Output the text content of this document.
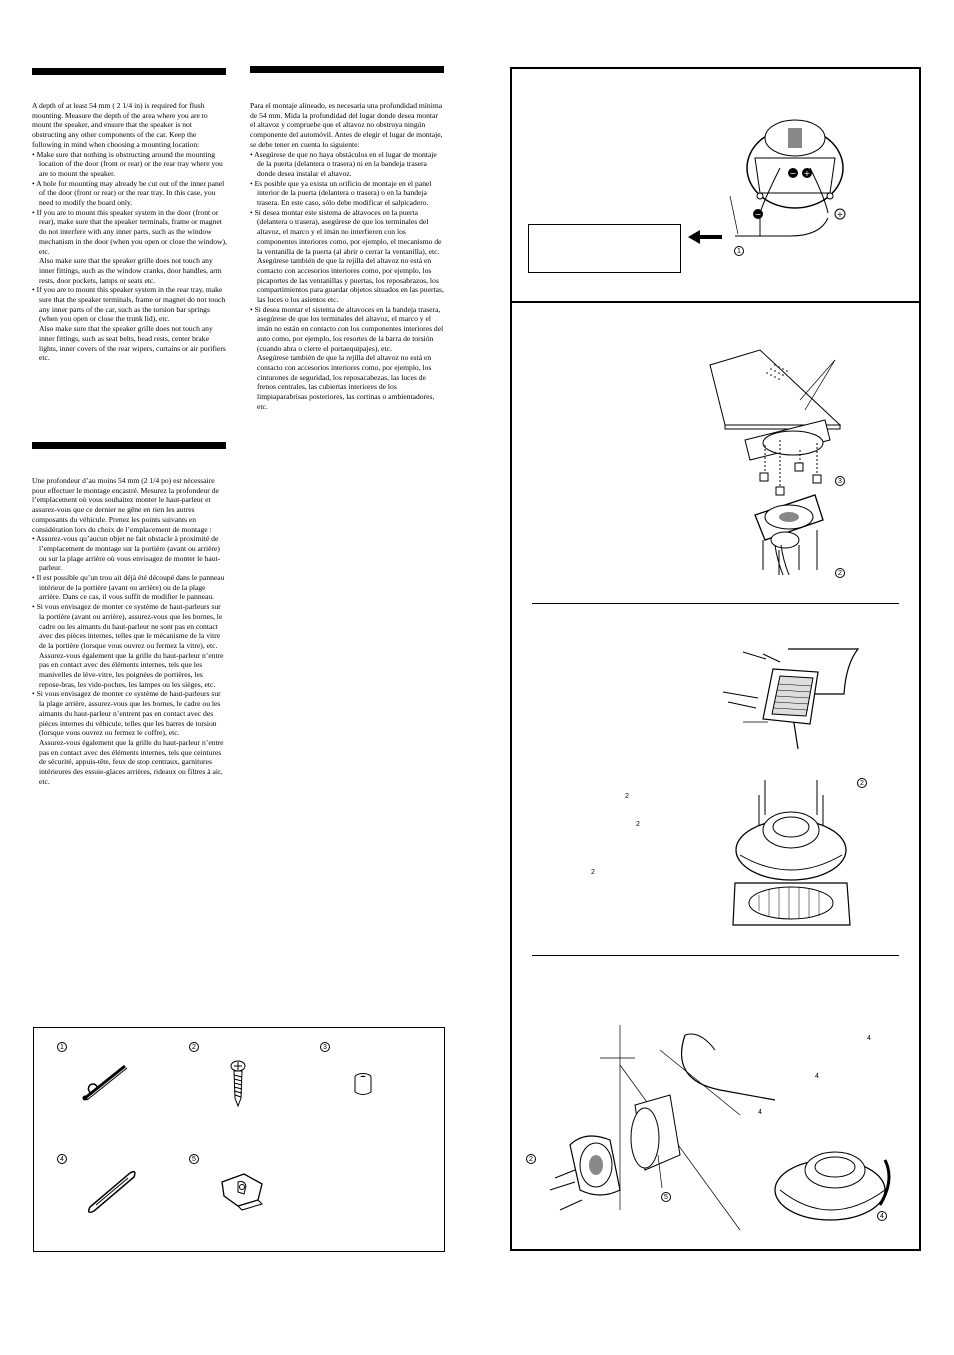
A depth of at least 54 mm ( 2 1/4 in) is required for flush mounting. Measure the depth of the area where you are to mount the speaker, and ensure that the speaker is not obstructing any other components of the car. Keep the following in mind when choosing a mounting location:

• Make sure that nothing is obstructing around the mounting location of the door (front or rear) or the rear tray where you are to mount the speaker.

• A hole for mounting may already be cut out of the inner panel of the door (front or rear) or the rear tray. In this case, you need to modify the board only.

• If you are to mount this speaker system in the door (front or rear), make sure that the speaker terminals, frame or magnet do not interfere with any inner parts, such as the window mechanism in the door (when you open or close the window), etc.

Also make sure that the speaker grille does not touch any inner fittings, such as the window cranks, door handles, arm rests, door pockets, lamps or seats etc.

• If you are to mount this speaker system in the rear tray, make sure that the speaker terminals, frame or magnet do not touch any inner parts of the car, such as the torsion bar springs (when you open or close the trunk lid), etc.

Also make sure that the speaker grille does not touch any inner fittings, such as seat belts, head rests, center brake lights, inner covers of the rear wipers, curtains or air purifiers etc.

Une profondeur d’au moins 54 mm (2 1/4 po) est nécessaire pour effectuer le montage encastré. Mesurez la profondeur de l’emplacement où vous souhaitez monter le haut-parleur et assurez-vous que ce dernier ne gêne en rien les autres composants du véhicule. Prenez les points suivants en considération lors du choix de l’emplacement de montage :

• Assurez-vous qu’aucun objet ne fait obstacle à proximité de l’emplacement de montage sur la portière (avant ou arrière) ou sur la plage arrière où vous envisagez de monter le haut-parleur.

• Il est possible qu’un trou ait déjà été découpé dans le panneau intérieur de la portière (avant ou arrière) ou de la plage arrière. Dans ce cas, il vous suffit de modifier le panneau.

• Si vous envisagez de monter ce système de haut-parleurs sur la portière (avant ou arrière), assurez-vous que les bornes, le cadre ou les aimants du haut-parleur ne sont pas en contact avec des pièces internes, telles que le mécanisme de la vitre de la portière (lorsque vous ouvrez ou fermez la vitre), etc.

Assurez-vous également que la grille du haut-parleur n’entre pas en contact avec des éléments internes, tels que les manivelles de lève-vitre, les poignées de portières, les repose-bras, les vide-poches, les lampes ou les sièges, etc.

• Si vous envisagez de monter ce système de haut-parleurs sur la plage arrière, assurez-vous que les bornes, le cadre ou les aimants du haut-parleur n’entrent pas en contact avec des pièces internes du véhicule, telles que les barres de torsion (lorsque vous ouvrez ou fermez le coffre), etc.

Assurez-vous également que la grille du haut-parleur n’entre pas en contact avec des éléments internes, tels que ceintures de sécurité, appuis-tête, feux de stop centraux, garnitures intérieures des essuie-glaces arrières, rideaux ou filtres à air, etc.

Para el montaje alineado, es necesaria una profundidad mínima de 54 mm. Mida la profundidad del lugar donde desea montar el altavoz y compruebe que el altavoz no obstruya ningún componente del automóvil. Antes de elegir el lugar de montaje, se debe tener en cuenta lo siguiente:

• Asegúrese de que no haya obstáculos en el lugar de montaje de la puerta (delantera o trasera) ni en la bandeja trasera donde desea instalar el altavoz.

• Es posible que ya exista un orificio de montaje en el panel interior de la puerta (delantera o trasera) o en la bandeja trasera. En este caso, sólo debe modificar el salpicadero.

• Si desea montar este sistema de altavoces en la puerta (delantera o trasera), asegúrese de que los terminales del altavoz, el marco y el imán no interfieren con los componentes interiores como, por ejemplo, el mecanismo de la ventanilla de la puerta (al abrir o cerrar la ventanilla), etc.

Asegúrese también de que la rejilla del altavoz no está en contacto con accesorios interiores como, por ejemplo, los picaportes de las ventanillas y puertas, los reposabrazos, los compartimientos para guardar objetos situados en las puertas, las luces o los asientos etc.

• Si desea montar el sistema de altavoces en la bandeja trasera, asegúrese de que los terminales del altavoz, el marco y el imán no están en contacto con los componentes interiores del auto como, por ejemplo, los resortes de la barra de torsión (cuando abra o cierre el portaequipajes), etc.

Asegúrese también de que la rejilla del altavoz no está en contacto con accesorios interiores como, por ejemplo, los cinturones de seguridad, los reposacabezas, las luces de frenos centrales, las cubiertas interiores de los limpiaparabrisas posteriores, las cortinas o ambientadores, etc.

1	2	3
4	5
− +
−	+
1
3
2
2
2
2
2
2
5
4
4
4
4
